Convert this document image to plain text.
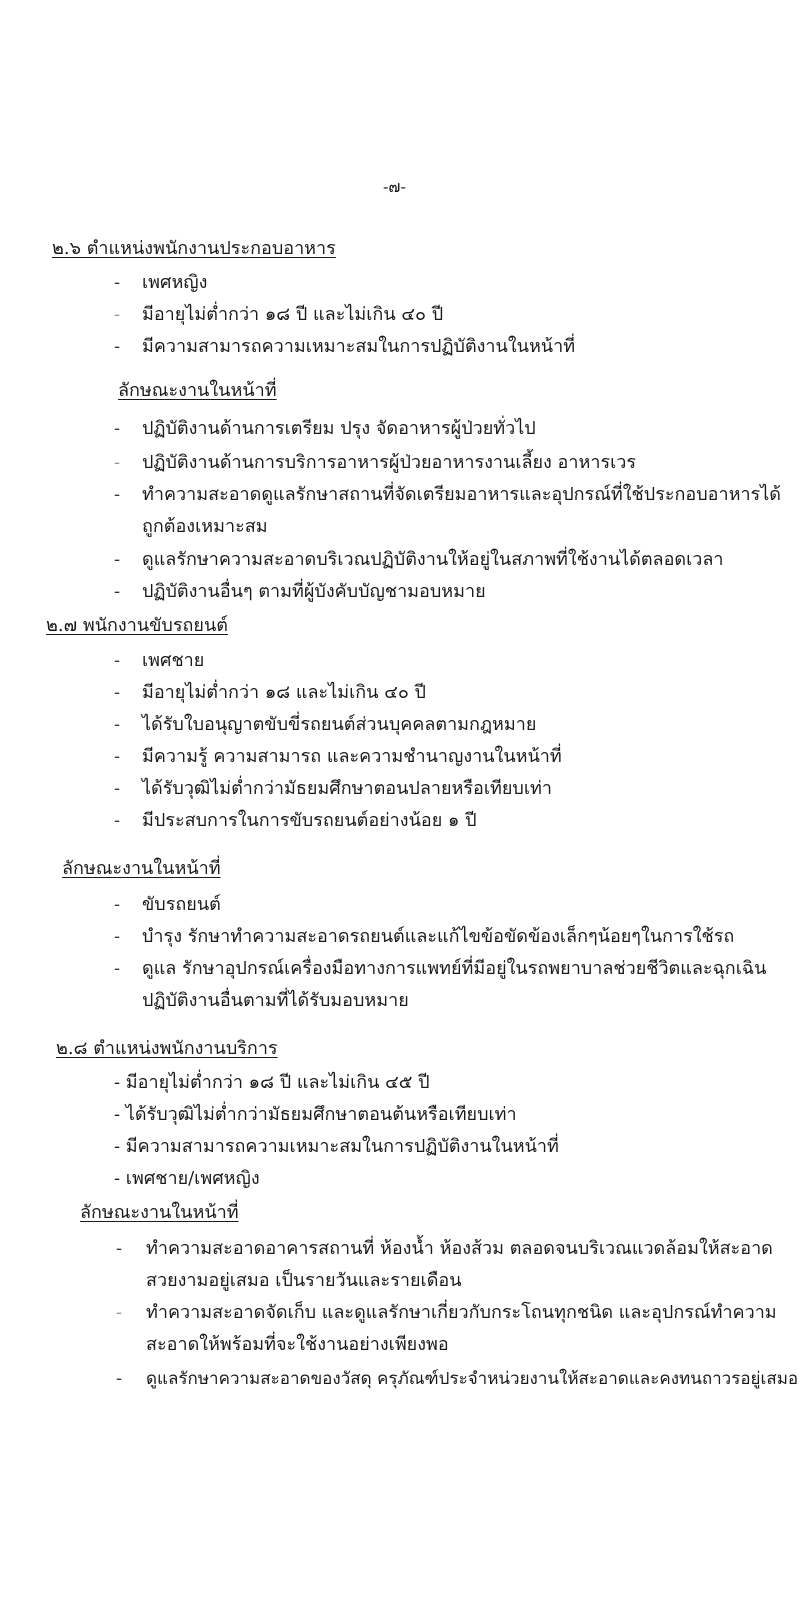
-๗-
๒.๖ ตำแหน่งพนักงานประกอบอาหาร
- เพศหญิง
- มีอายุไม่ต่ำกว่า ๑๘ ปี และไม่เกิน ๔๐ ปี
- มีความสามารถความเหมาะสมในการปฏิบัติงานในหน้าที่
ลักษณะงานในหน้าที่
- ปฏิบัติงานด้านการเตรียม ปรุง จัดอาหารผู้ป่วยทั่วไป
- ปฏิบัติงานด้านการบริการอาหารผู้ป่วยอาหารงานเลี้ยง อาหารเวร
- ทำความสะอาดดูแลรักษาสถานที่จัดเตรียมอาหารและอุปกรณ์ที่ใช้ประกอบอาหารได้
ถูกต้องเหมาะสม
- ดูแลรักษาความสะอาดบริเวณปฏิบัติงานให้อยู่ในสภาพที่ใช้งานได้ตลอดเวลา
- ปฏิบัติงานอื่นๆ ตามที่ผู้บังคับบัญชามอบหมาย
๒.๗ พนักงานขับรถยนต์
- เพศชาย
- มีอายุไม่ต่ำกว่า ๑๘ และไม่เกิน ๔๐ ปี
- ได้รับใบอนุญาตขับขี่รถยนต์ส่วนบุคคลตามกฎหมาย
- มีความรู้ ความสามารถ และความชำนาญงานในหน้าที่
- ได้รับวุฒิไม่ต่ำกว่ามัธยมศึกษาตอนปลายหรือเทียบเท่า
- มีประสบการในการขับรถยนต์อย่างน้อย ๑ ปี
ลักษณะงานในหน้าที่
- ขับรถยนต์
- บำรุง รักษาทำความสะอาดรถยนต์และแก้ไขข้อขัดข้องเล็กๆน้อยๆในการใช้รถ
- ดูแล รักษาอุปกรณ์เครื่องมือทางการแพทย์ที่มีอยู่ในรถพยาบาลช่วยชีวิตและฉุกเฉิน
ปฏิบัติงานอื่นตามที่ได้รับมอบหมาย
๒.๘ ตำแหน่งพนักงานบริการ
- มีอายุไม่ต่ำกว่า ๑๘ ปี และไม่เกิน ๔๕ ปี
- ได้รับวุฒิไม่ต่ำกว่ามัธยมศึกษาตอนต้นหรือเทียบเท่า
- มีความสามารถความเหมาะสมในการปฏิบัติงานในหน้าที่
- เพศชาย/เพศหญิง
ลักษณะงานในหน้าที่
- ทำความสะอาดอาคารสถานที่ ห้องน้ำ ห้องส้วม ตลอดจนบริเวณแวดล้อมให้สะอาด
สวยงามอยู่เสมอ เป็นรายวันและรายเดือน
- ทำความสะอาดจัดเก็บ และดูแลรักษาเกี่ยวกับกระโถนทุกชนิด และอุปกรณ์ทำความ
สะอาดให้พร้อมที่จะใช้งานอย่างเพียงพอ
- ดูแลรักษาความสะอาดของวัสดุ ครุภัณฑ์ประจำหน่วยงานให้สะอาดและคงทนถาวรอยู่เสมอ
